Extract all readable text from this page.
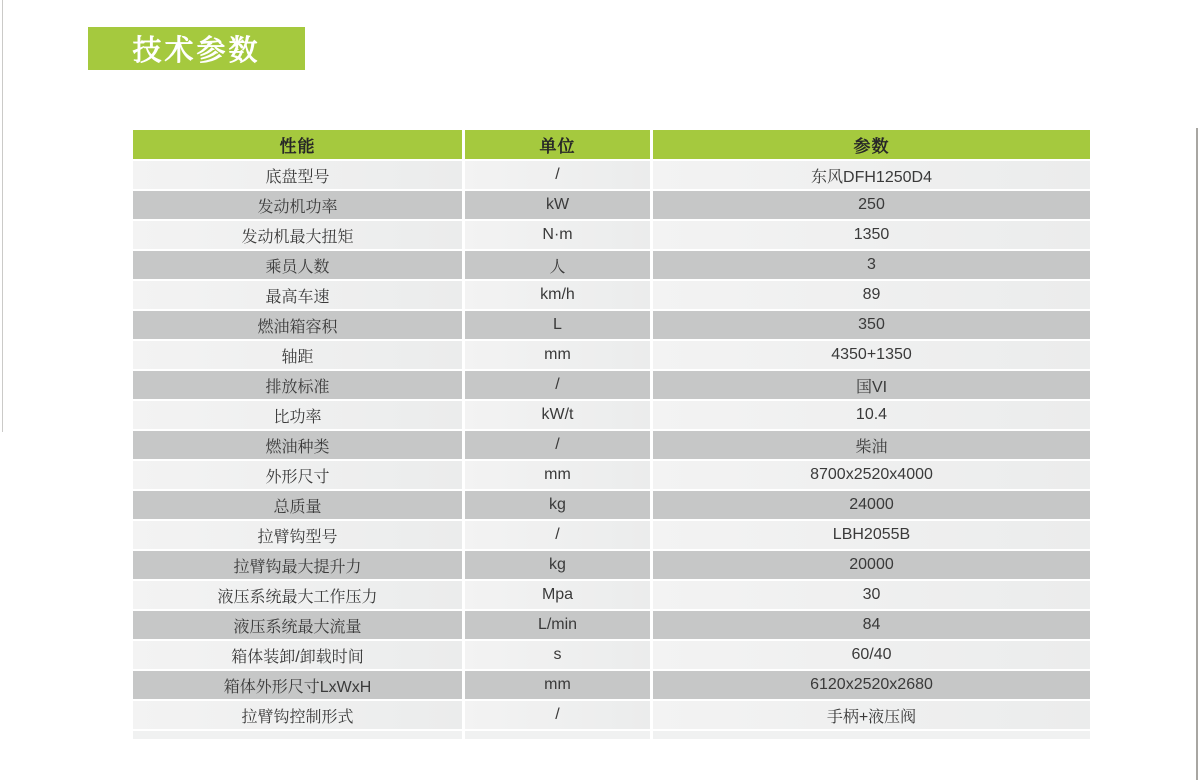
技术参数
性能	单位	参数
底盘型号	/	东风DFH1250D4
发动机功率	kW	250
发动机最大扭矩	N·m	1350
乘员人数	人	3
最高车速	km/h	89
燃油箱容积	L	350
轴距	mm	4350+1350
排放标准	/	国VI
比功率	kW/t	10.4
燃油种类	/	柴油
外形尺寸	mm	8700x2520x4000
总质量	kg	24000
拉臂钩型号	/	LBH2055B
拉臂钩最大提升力	kg	20000
液压系统最大工作压力	Mpa	30
液压系统最大流量	L/min	84
箱体装卸/卸载时间	s	60/40
箱体外形尺寸LxWxH	mm	6120x2520x2680
拉臂钩控制形式	/	手柄+液压阀
